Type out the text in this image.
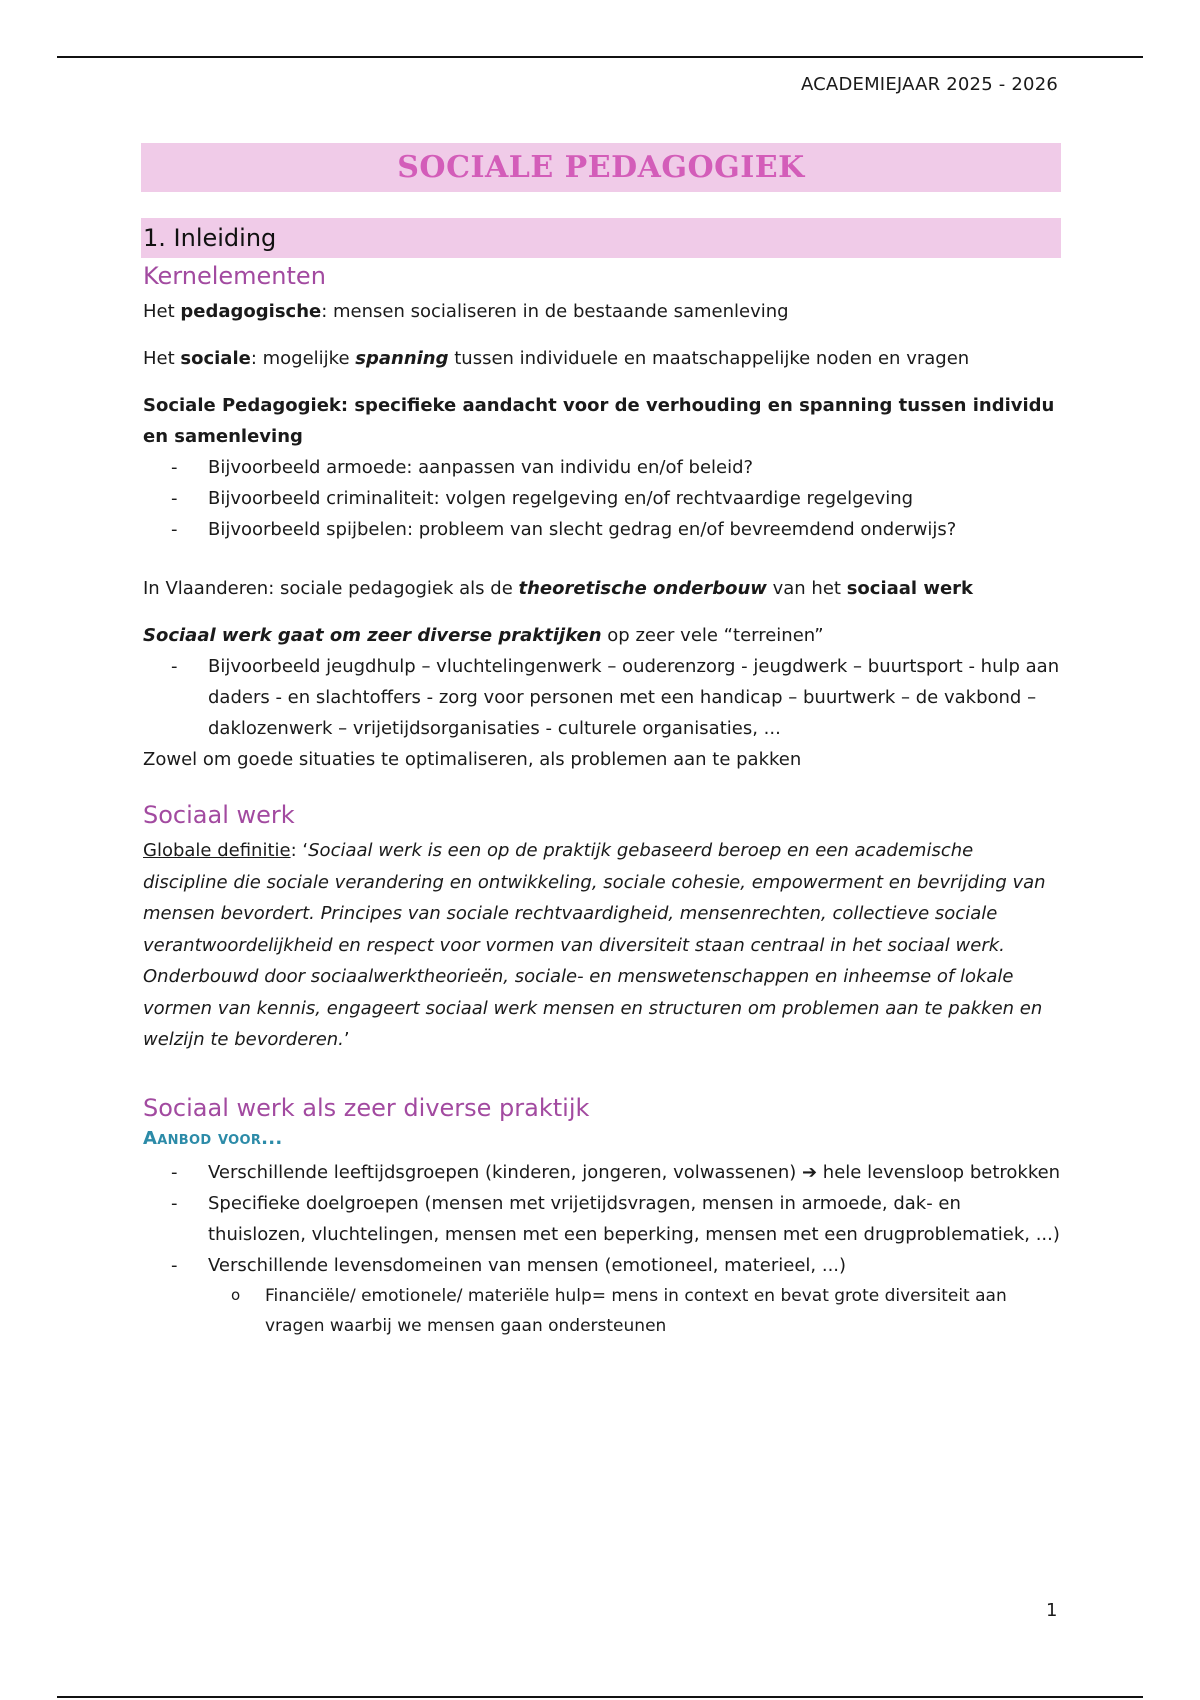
ACADEMIEJAAR 2025 - 2026
SOCIALE PEDAGOGIEK
1. Inleiding
Kernelementen

Het pedagogische: mensen socialiseren in de bestaande samenleving

Het sociale: mogelijke spanning tussen individuele en maatschappelijke noden en vragen

Sociale Pedagogiek: specifieke aandacht voor de verhouding en spanning tussen individu en samenleving

- Bijvoorbeeld armoede: aanpassen van individu en/of beleid?
- Bijvoorbeeld criminaliteit: volgen regelgeving en/of rechtvaardige regelgeving
- Bijvoorbeeld spijbelen: probleem van slecht gedrag en/of bevreemdend onderwijs?

In Vlaanderen: sociale pedagogiek als de theoretische onderbouw van het sociaal werk

Sociaal werk gaat om zeer diverse praktijken op zeer vele “terreinen”

- Bijvoorbeeld jeugdhulp – vluchtelingenwerk – ouderenzorg - jeugdwerk – buurtsport - hulp aan daders - en slachtoffers - zorg voor personen met een handicap – buurtwerk – de vakbond – daklozenwerk – vrijetijdsorganisaties - culturele organisaties, ...

Zowel om goede situaties te optimaliseren, als problemen aan te pakken

Sociaal werk

Globale definitie: ‘Sociaal werk is een op de praktijk gebaseerd beroep en een academische discipline die sociale verandering en ontwikkeling, sociale cohesie, empowerment en bevrijding van mensen bevordert. Principes van sociale rechtvaardigheid, mensenrechten, collectieve sociale verantwoordelijkheid en respect voor vormen van diversiteit staan centraal in het sociaal werk. Onderbouwd door sociaalwerktheorieën, sociale- en menswetenschappen en inheemse of lokale vormen van kennis, engageert sociaal werk mensen en structuren om problemen aan te pakken en welzijn te bevorderen.’

Sociaal werk als zeer diverse praktijk
Aanbod voor...
- Verschillende leeftijdsgroepen (kinderen, jongeren, volwassenen) ➔ hele levensloop betrokken
- Specifieke doelgroepen (mensen met vrijetijdsvragen, mensen in armoede, dak- en thuislozen, vluchtelingen, mensen met een beperking, mensen met een drugproblematiek, ...)
- Verschillende levensdomeinen van mensen (emotioneel, materieel, ...)
o Financiële/ emotionele/ materiële hulp= mens in context en bevat grote diversiteit aan vragen waarbij we mensen gaan ondersteunen
1
